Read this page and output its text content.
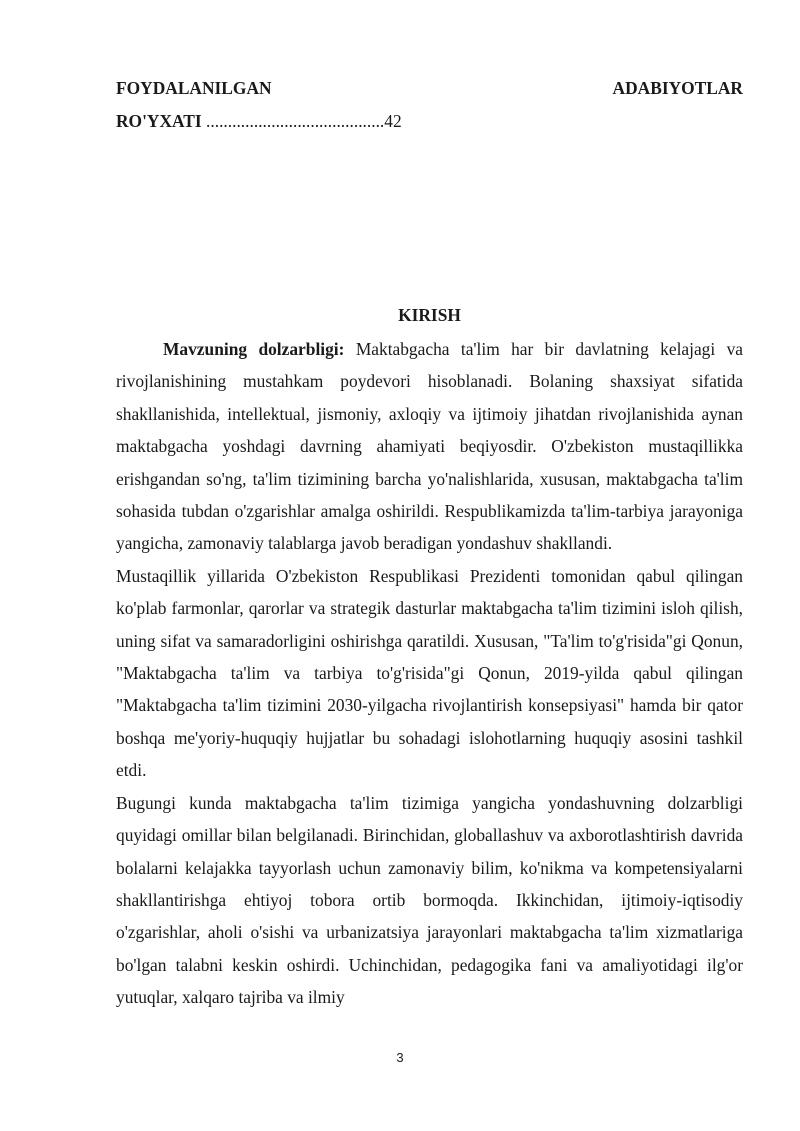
FOYDALANILGAN	ADABIYOTLAR
RO'YXATI .........................................42
KIRISH

Mavzuning dolzarbligi: Maktabgacha ta'lim har bir davlatning kelajagi va rivojlanishining mustahkam poydevori hisoblanadi. Bolaning shaxsiyat sifatida shakllanishida, intellektual, jismoniy, axloqiy va ijtimoiy jihatdan rivojlanishida aynan maktabgacha yoshdagi davrning ahamiyati beqiyosdir. O'zbekiston mustaqillikka erishgandan so'ng, ta'lim tizimining barcha yo'nalishlarida, xususan, maktabgacha ta'lim sohasida tubdan o'zgarishlar amalga oshirildi. Respublikamizda ta'lim-tarbiya jarayoniga yangicha, zamonaviy talablarga javob beradigan yondashuv shakllandi.

Mustaqillik yillarida O'zbekiston Respublikasi Prezidenti tomonidan qabul qilingan ko'plab farmonlar, qarorlar va strategik dasturlar maktabgacha ta'lim tizimini isloh qilish, uning sifat va samaradorligini oshirishga qaratildi. Xususan, "Ta'lim to'g'risida"gi Qonun, "Maktabgacha ta'lim va tarbiya to'g'risida"gi Qonun, 2019-yilda qabul qilingan "Maktabgacha ta'lim tizimini 2030-yilgacha rivojlantirish konsepsiyasi" hamda bir qator boshqa me'yoriy-huquqiy hujjatlar bu sohadagi islohotlarning huquqiy asosini tashkil etdi.

Bugungi kunda maktabgacha ta'lim tizimiga yangicha yondashuvning dolzarbligi quyidagi omillar bilan belgilanadi. Birinchidan, globallashuv va axborotlashtirish davrida bolalarni kelajakka tayyorlash uchun zamonaviy bilim, ko'nikma va kompetensiyalarni shakllantirishga ehtiyoj tobora ortib bormoqda. Ikkinchidan, ijtimoiy-iqtisodiy o'zgarishlar, aholi o'sishi va urbanizatsiya jarayonlari maktabgacha ta'lim xizmatlariga bo'lgan talabni keskin oshirdi. Uchinchidan, pedagogika fani va amaliyotidagi ilg'or yutuqlar, xalqaro tajriba va ilmiy

3
